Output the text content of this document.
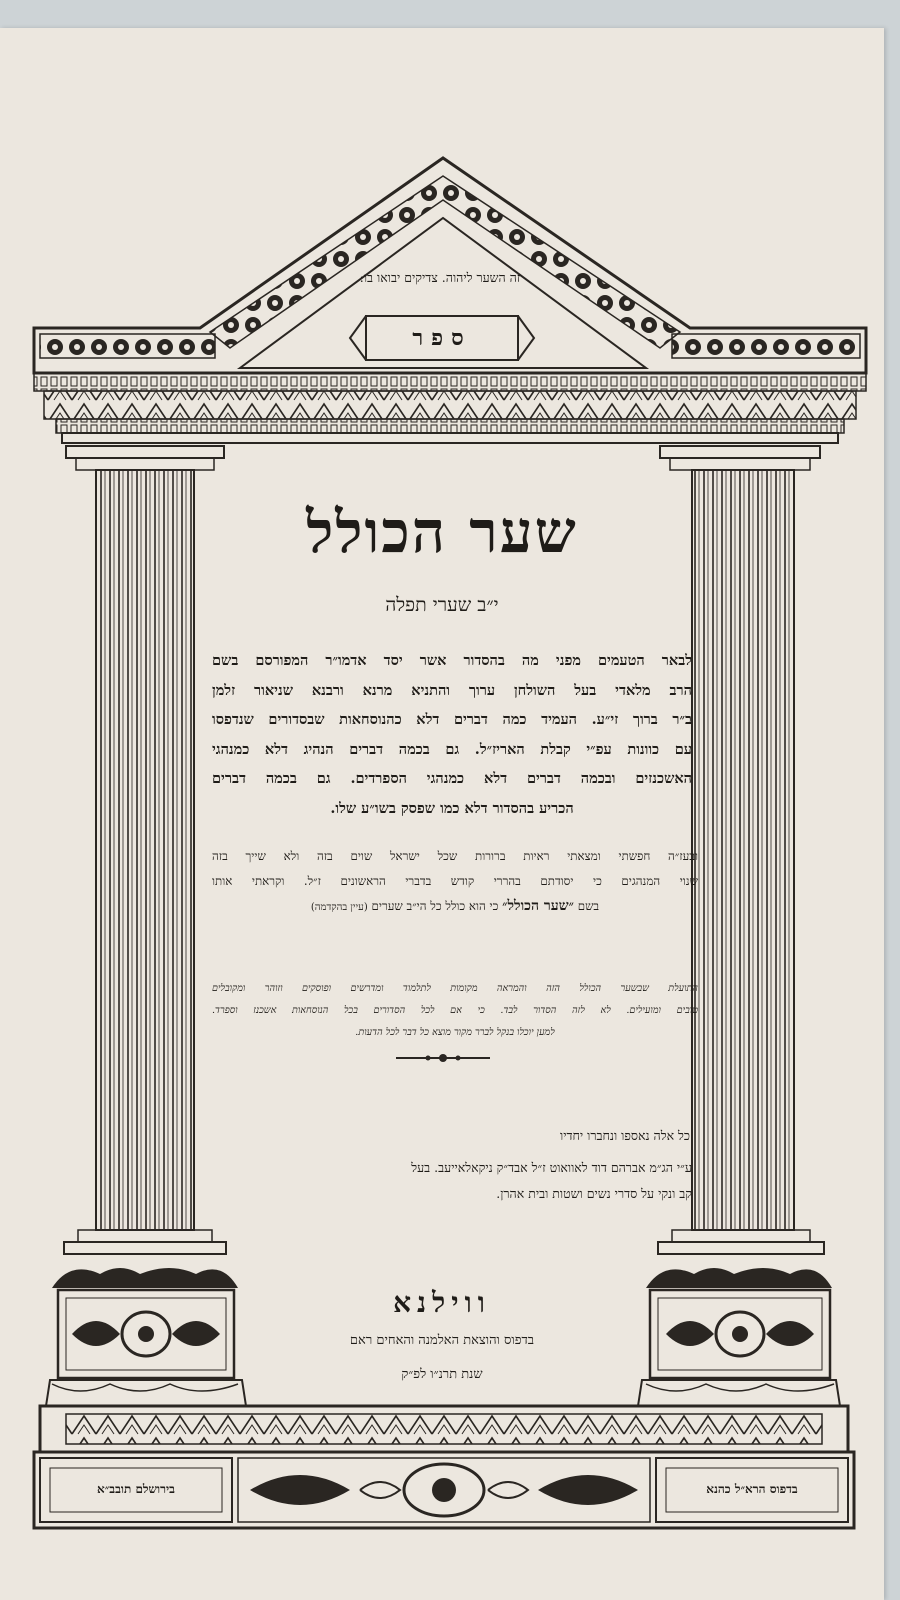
זה השער ליהוה. צדיקים יבואו בו:
ספר
שער הכולל
י״ב שערי תפלה
לבאר הטעמים מפני מה בהסדור אשר יסד אדמו״ר המפורסם בשם
הרב מלאדי בעל השולחן ערוך והתניא מרנא ורבנא שניאור זלמן
ב״ר ברוך זי״ע. העמיד כמה דברים דלא כהנוסחאות שבסדורים שנדפסו
עם כוונות עפ״י קבלת האריז״ל. גם בכמה דברים הנהיג דלא כמנהגי
האשכנזים ובכמה דברים דלא כמנהגי הספרדים. גם בכמה דברים
הכריע בהסדור דלא כמו שפסק בשו״ע שלו.
ובעז״ה חפשתי ומצאתי ראיות ברורות שכל ישראל שוים בזה ולא שייך בזה
שנוי המנהגים כי יסודתם בהררי קודש בדברי הראשונים ז״ל. וקראתי אותו
בשם ״שער הכולל״ כי הוא כולל כל הי״ב שערים (עיין בהקדמה)
התועלת שבשער הכולל הזה והמראה מקומות לתלמוד ומדרשים ופוסקים וזוהר ומקובלים
טובים ומועילים. לא לזה הסדור לבד. כי אם לכל הסדורים בכל הנוסחאות אשכנז וספרד.
למען יוכלו בנקל לברר מקור מוצא כל דבר לכל הדעות.
כל אלה נאספו ונחברו יחדיו
ע״י הג״מ אברהם דוד לאוואוט ז״ל אבד״ק ניקאלאייעב. בעל
קב ונקי על סדרי נשים ושטות ובית אהרן.
ווילנא
בדפוס והוצאת האלמנה והאחים ראם
שנת תרנ״ו לפ״ק
בירושלם תובב״א	בדפוס הרא״ל כהנא
